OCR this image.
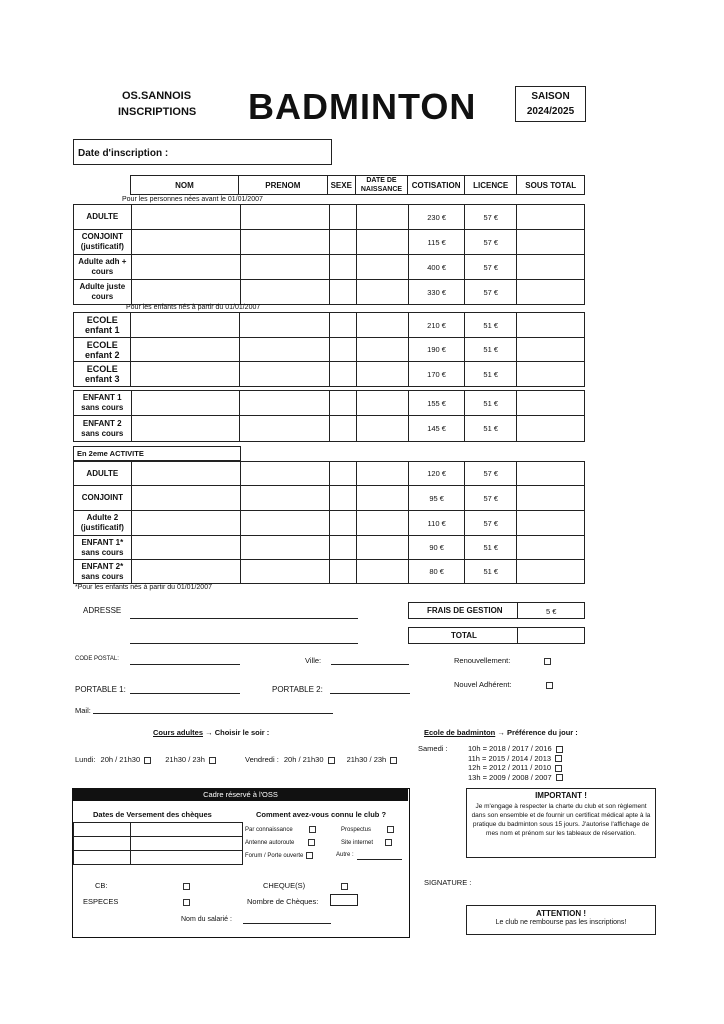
OS.SANNOIS
INSCRIPTIONS BADMINTON	SAISON
2024/2025
Date d'inscription :
NOM	PRENOM	SEXE	DATE DE NAISSANCE	COTISATION	LICENCE	SOUS TOTAL
Pour les personnes nées avant le 01/01/2007
ADULTE					230 €	57 €	
CONJOINT (justificatif)					115 €	57 €	
Adulte adh + cours					400 €	57 €	
Adulte juste cours					330 €	57 €	
Pour les enfants nés à partir du 01/01/2007
ECOLE enfant 1					210 €	51 €	
ECOLE enfant 2					190 €	51 €	
ECOLE enfant 3					170 €	51 €	
ENFANT 1 sans cours					155 €	51 €	
ENFANT 2 sans cours					145 €	51 €	
En 2eme ACTIVITE
ADULTE					120 €	57 €	
CONJOINT					95 €	57 €	
Adulte 2 (justificatif)					110 €	57 €	
ENFANT 1* sans cours					90 €	51 €	
ENFANT 2* sans cours					80 €	51 €	
*Pour les enfants nés à partir du 01/01/2007
ADRESSE	FRAIS DE GESTION	5 €
TOTAL
CODE POSTAL:	Ville:	Renouvellement:
PORTABLE 1:	PORTABLE 2:
Nouvel Adhérent:
Mail:
Cours adultes → Choisir le soir :
Lundi: 20h / 21h30	21h30 / 23h	Vendredi : 20h / 21h30	21h30 / 23h
Ecole de badminton → Préférence du jour :
Samedi :	10h = 2018 / 2017 / 2016
11h = 2015 / 2014 / 2013
12h = 2012 / 2011 / 2010
13h = 2009 / 2008 / 2007
Cadre réservé à l'OSS
Dates de Versement des chèques	Comment avez-vous connu le club ?

Par connaissance	Prospectus
Antenne autoroute	Site internet
Forum / Porte ouverte	Autre :
CB:	CHEQUE(S)
ESPECES	Nombre de Chèques:
Nom du salarié :
IMPORTANT !
Je m'engage à respecter la charte du club et son règlement dans son ensemble et de fournir un certificat médical apte à la pratique du badminton sous 15 jours. J'autorise l'affichage de mes nom et prénom sur les tableaux de réservation.
SIGNATURE :
ATTENTION !
Le club ne rembourse pas les inscriptions!
